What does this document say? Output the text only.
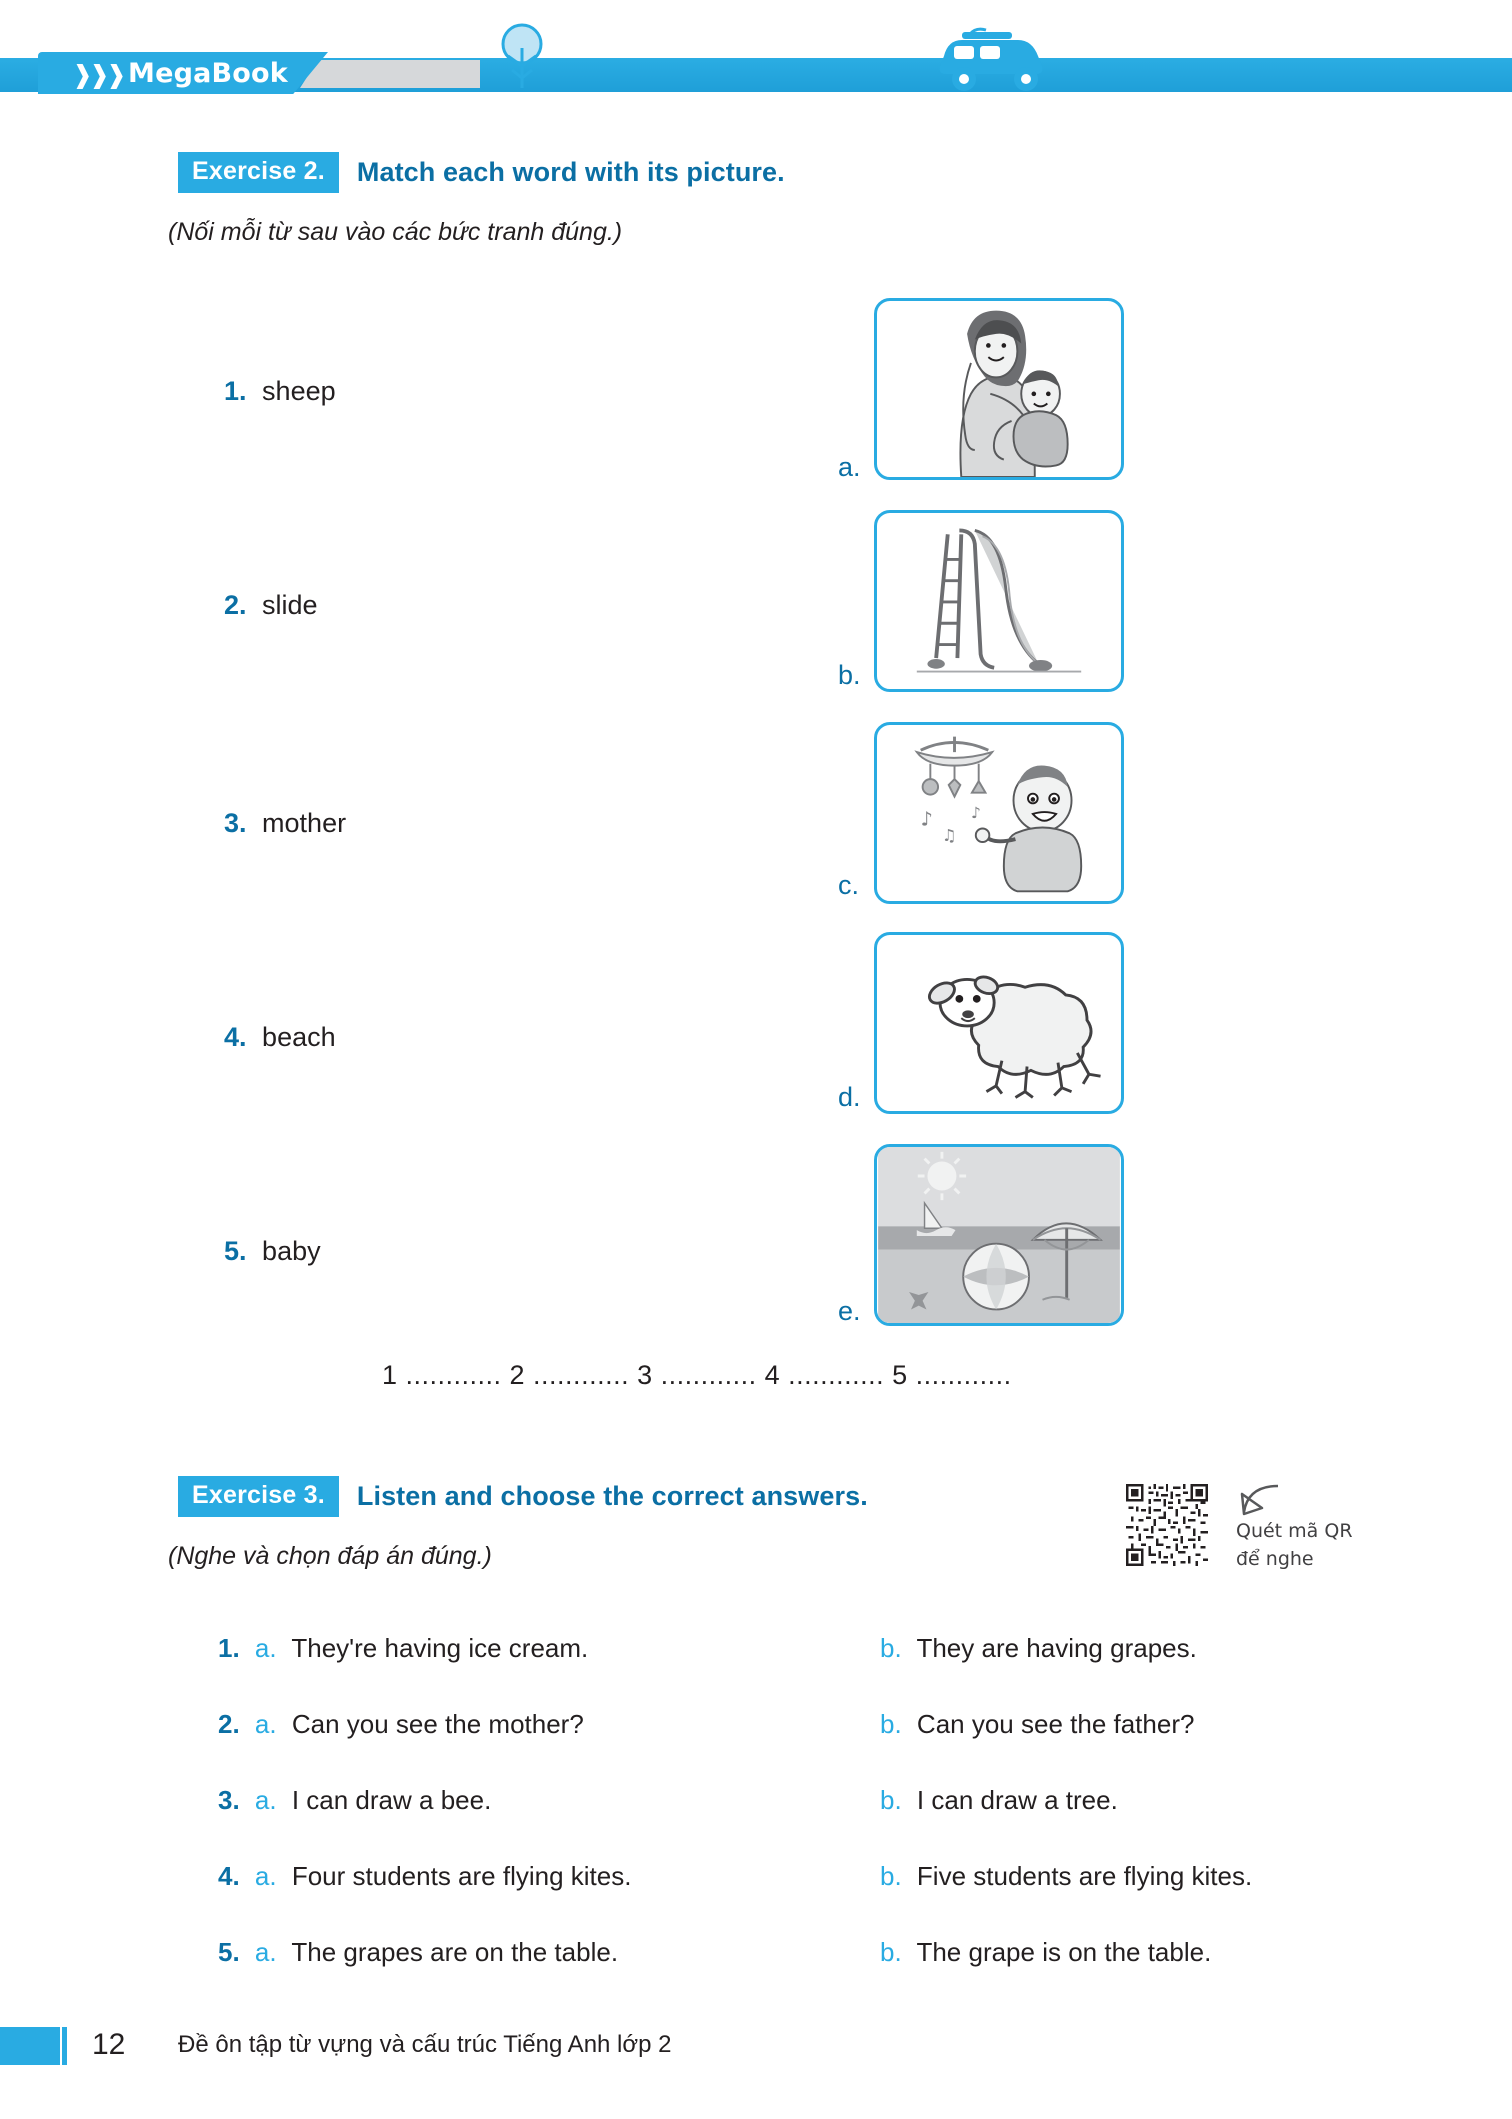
❱❱❱ MegaBook
Exercise 2.	Match each word with its picture.
(Nối mỗi từ sau vào các bức tranh đúng.)
1. sheep
2. slide
3. mother
4. beach
5. baby
a.
b.
c.
♪
♫
♪
d.
e.
1 ............ 2 ............ 3 ............ 4 ............ 5 ............
Exercise 3.	Listen and choose the correct answers.
(Nghe và chọn đáp án đúng.)
Quét mã QR
để nghe
1. a. They're having ice cream.	b. They are having grapes.
2. a. Can you see the mother?	b. Can you see the father?
3. a. I can draw a bee.	b. I can draw a tree.
4. a. Four students are flying kites.	b. Five students are flying kites.
5. a. The grapes are on the table.	b. The grape is on the table.
12 Đề ôn tập từ vựng và cấu trúc Tiếng Anh lớp 2
